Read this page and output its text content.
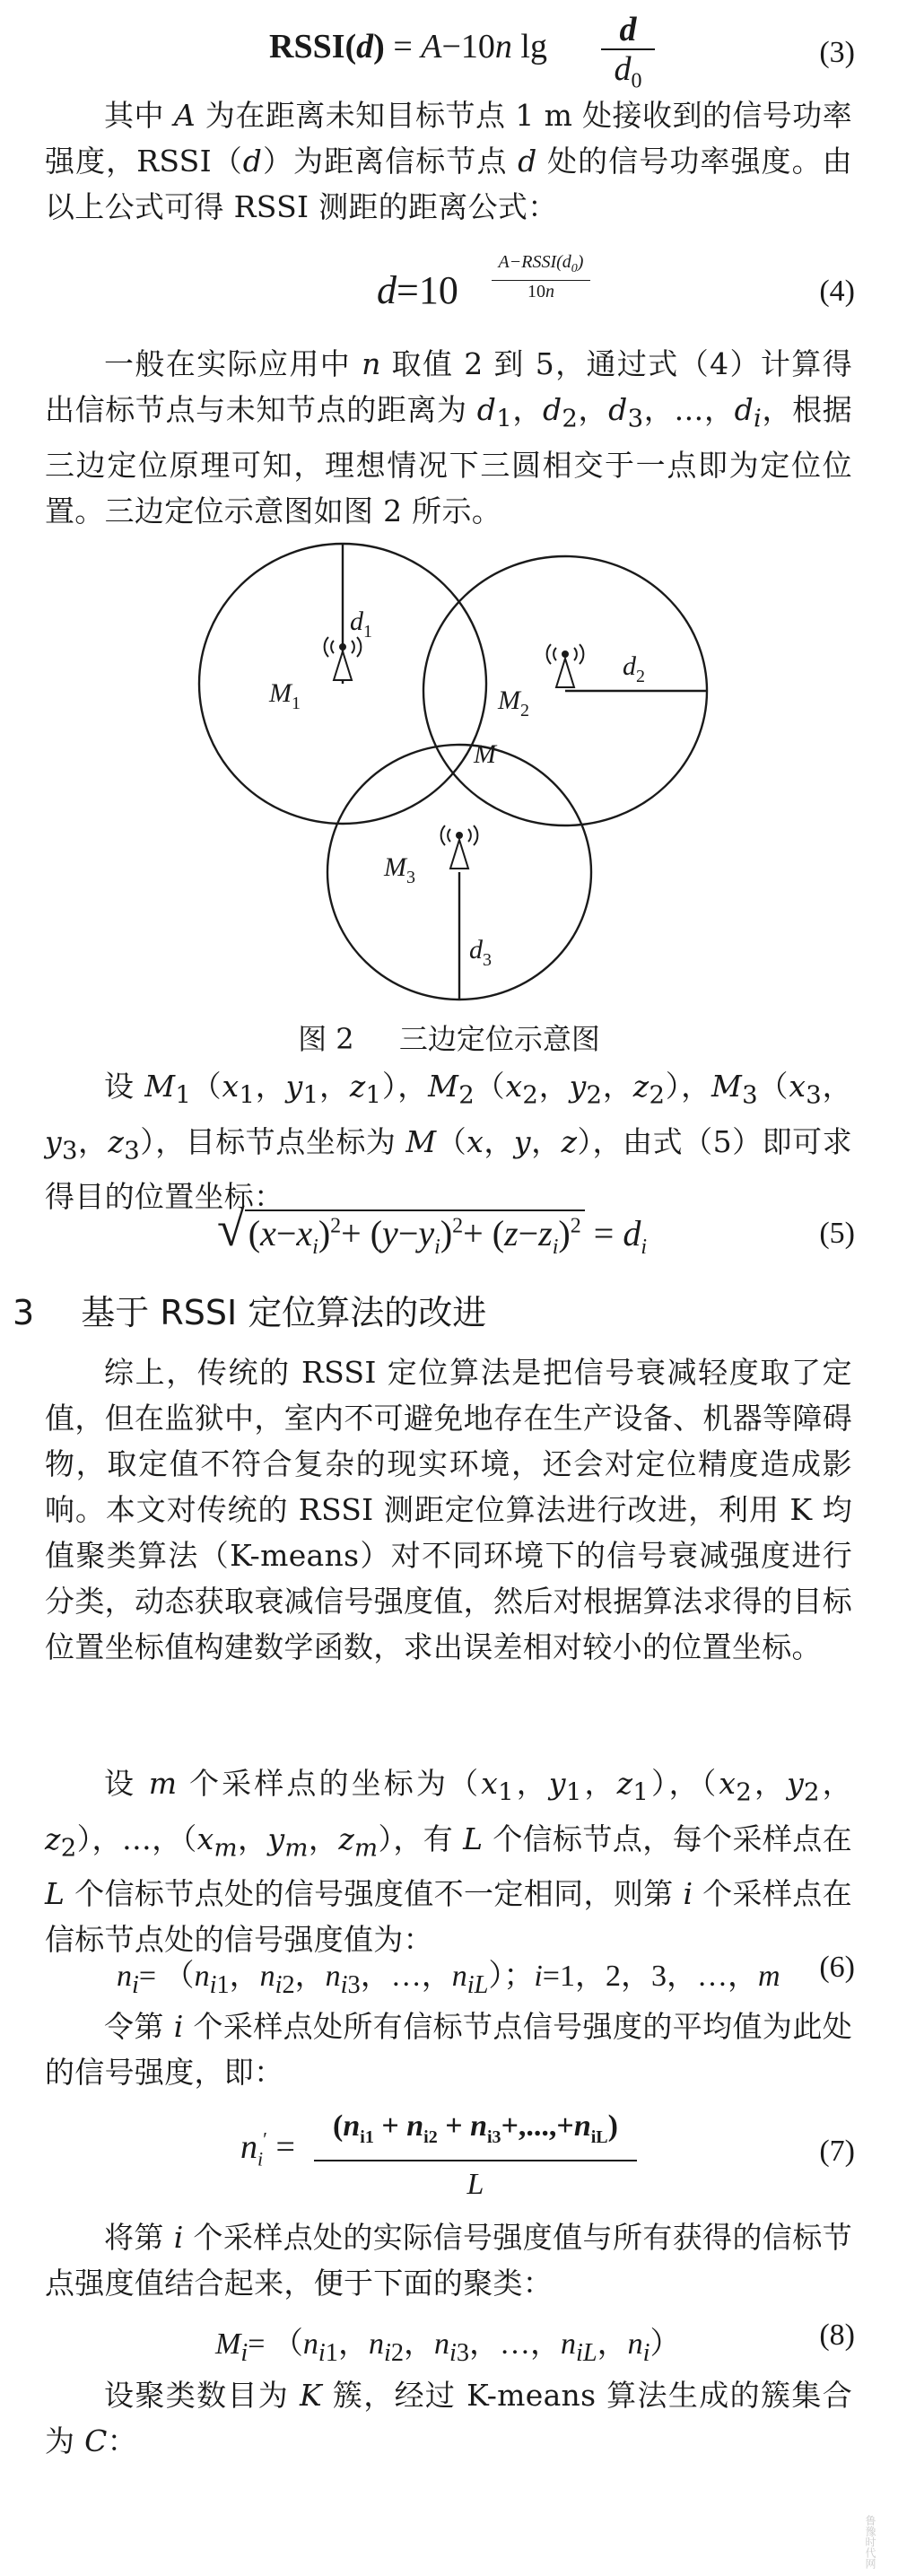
RSSI(d) = A−10n lg	d
$d_0$
(3)

其中 A 为在距离未知目标节点 1 m 处接收到的信号功率强度，RSSI（d）为距离信标节点 d 处的信号功率强度。由以上公式可得 RSSI 测距的距离公式：

d=10
$A-RSSI(d_0)$
10n	(4)

一般在实际应用中 n 取值 2 到 5，通过式（4）计算得出信标节点与未知节点的距离为 $d_1$，$d_2$，$d_3$，…，$d_i$，根据三边定位原理可知，理想情况下三圆相交于一点即为定位位置。三边定位示意图如图 2 所示。

$M_1$	$M_2$
$M_3$
M
$d_1$
$d_2$
$d_3$
图 2 三边定位示意图

设 $M_1(x_1$，$y_1$，$z_1$），$M_2(x_2$，$y_2$，$z_2$），$M_3(x_3$，$y_3$，$z_3$），目标节点坐标为 M（x，y，z），由式（5）即可求得目的位置坐标：

√ $(x-x_i)^2+ (y-y_i)^2+ (z-z_i)^2 = d_i$	(5)
3 基于 RSSI 定位算法的改进

综上，传统的 RSSI 定位算法是把信号衰减轻度取了定值，但在监狱中，室内不可避免地存在生产设备、机器等障碍物，取定值不符合复杂的现实环境，还会对定位精度造成影响。本文对传统的 RSSI 测距定位算法进行改进，利用 K 均值聚类算法（K-means）对不同环境下的信号衰减强度进行分类，动态获取衰减信号强度值，然后对根据算法求得的目标位置坐标值构建数学函数，求出误差相对较小的位置坐标。

设 m 个采样点的坐标为（$x_1$，$y_1$，$z_1$），（$x_2$，$y_2$，$z_2$），…，（$x_m$，$y_m$，$z_m$），有 L 个信标节点，每个采样点在 L 个信标节点处的信号强度值不一定相同，则第 i 个采样点在信标节点处的信号强度值为：

$n_i= (n_{i1}$，$n_{i2}$，$n_{i3}$，…，$n_{iL}$）；i=1，2，3，…，m (6)

令第 i 个采样点处所有信标节点信号强度的平均值为此处的信号强度，即：

$n_i'$ =
$(n_{i1} + n_{i2} + n_{i3}+,...,+n_{iL})$
L
(7)

将第 i 个采样点处的实际信号强度值与所有获得的信标节点强度值结合起来，便于下面的聚类：

$M_i= (n_{i1}$，$n_{i2}$，$n_{i3}$，…，$n_{iL}$，$n_i$）	(8)

设聚类数目为 K 簇，经过 K-means 算法生成的簇集合为 C：

鲁豫时代网
